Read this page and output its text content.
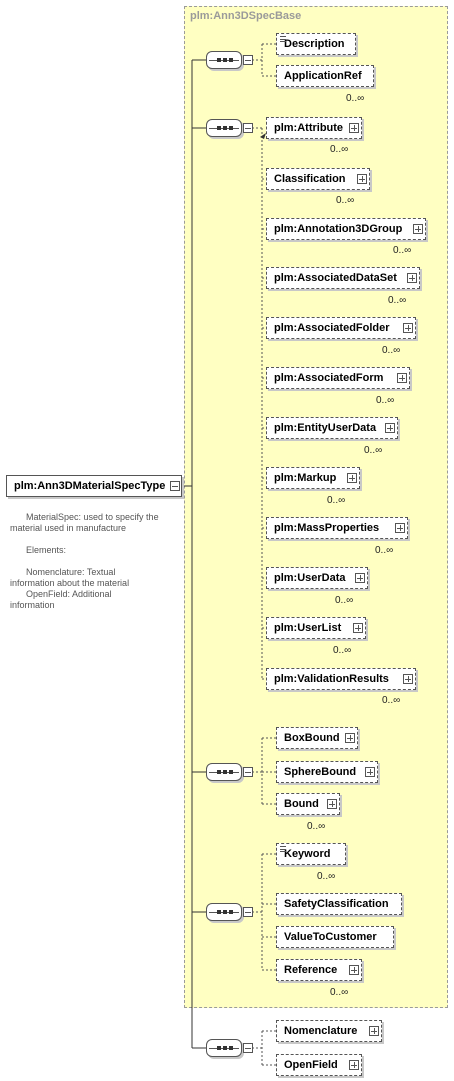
plm:Ann3DSpecBase
plm:Ann3DMaterialSpecType
MaterialSpec: used to specify the
material used in manufacture
Elements:
Nomenclature: Textual
information about the material
OpenField: Additional
information
Description
ApplicationRef
0..∞
plm:Attribute
0..∞
Classification
0..∞
plm:Annotation3DGroup
0..∞
plm:AssociatedDataSet
0..∞
plm:AssociatedFolder
0..∞
plm:AssociatedForm
0..∞
plm:EntityUserData
0..∞
plm:Markup
0..∞
plm:MassProperties
0..∞
plm:UserData
0..∞
plm:UserList
0..∞
plm:ValidationResults
0..∞
BoxBound
SphereBound
Bound
0..∞
Keyword
0..∞
SafetyClassification
ValueToCustomer
Reference
0..∞
Nomenclature
OpenField
